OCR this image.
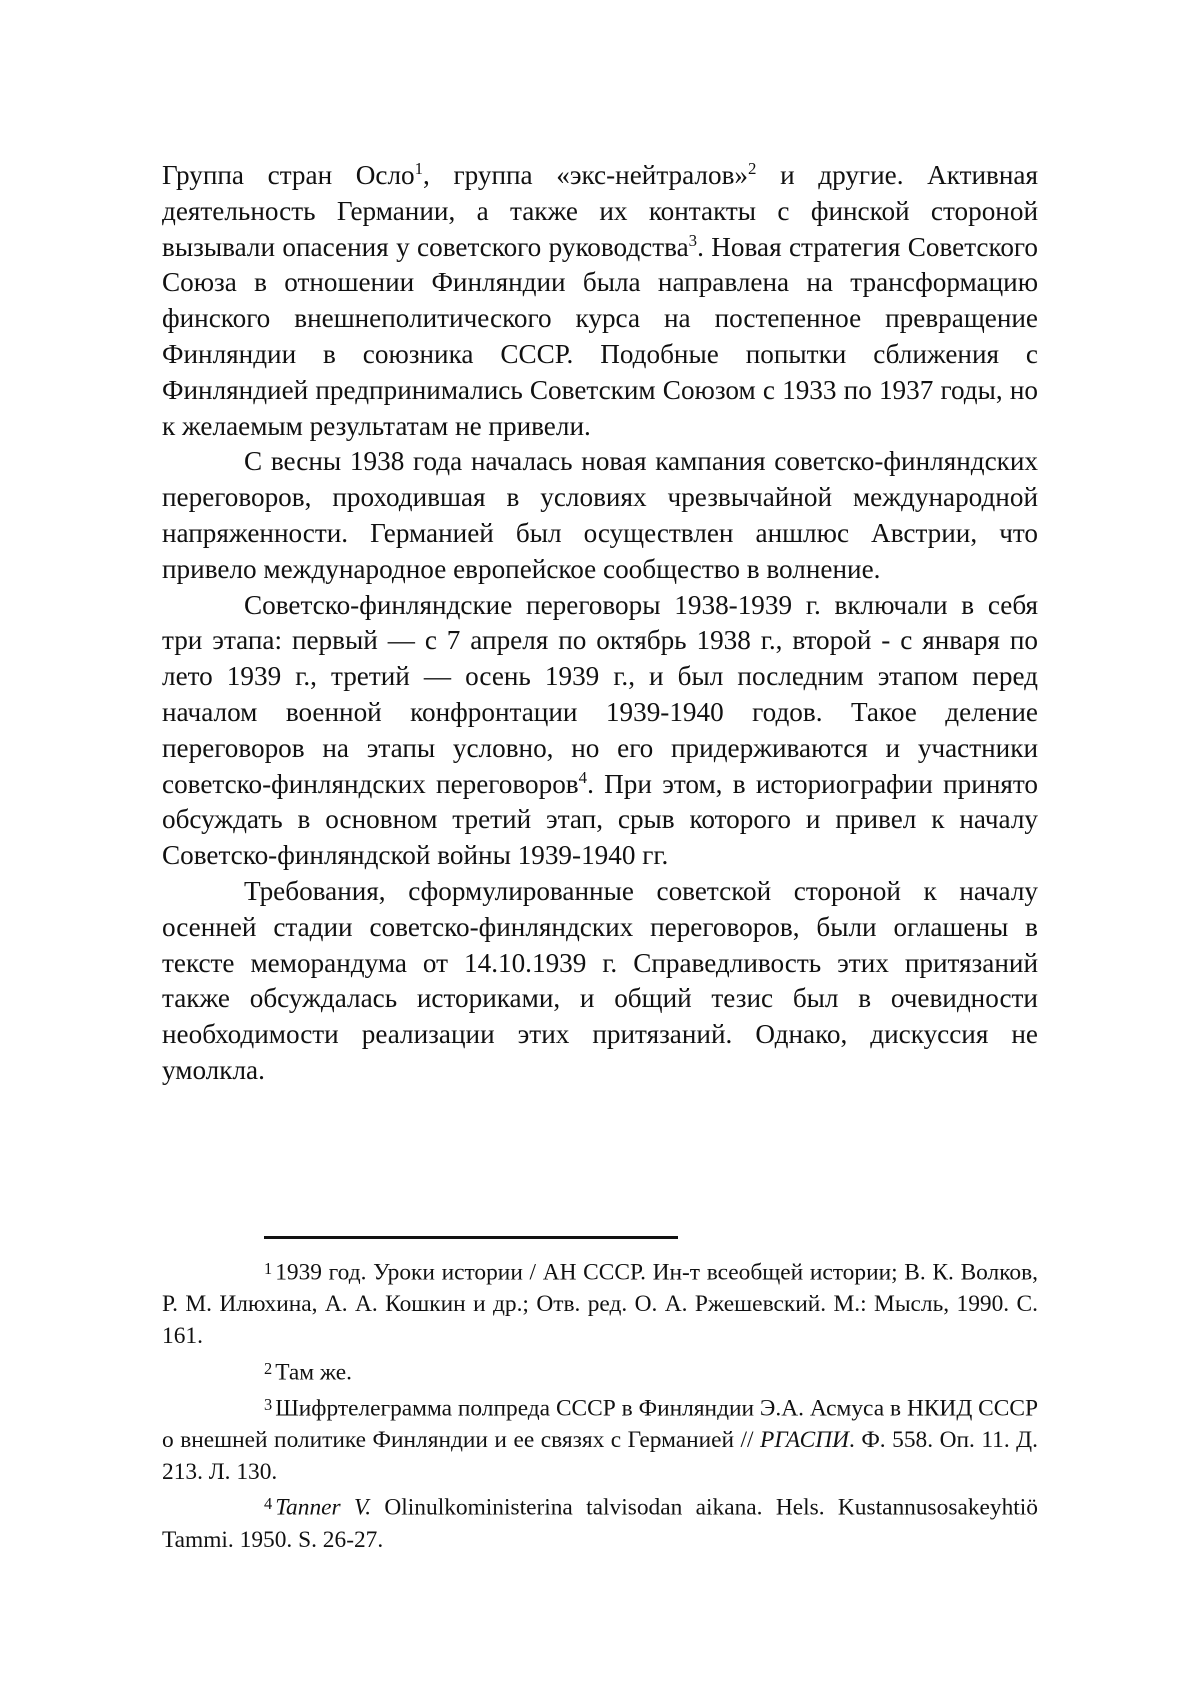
Группа стран Осло$^1$, группа «экс-нейтралов»$^2$ и другие. Активная деятельность Германии, а также их контакты с финской стороной вызывали опасения у советского руководства$^3$. Новая стратегия Советского Союза в отношении Финляндии была направлена на трансформацию финского внешнеполитического курса на постепенное превращение Финляндии в союзника СССР. Подобные попытки сближения с Финляндией предпринимались Советским Союзом с 1933 по 1937 годы, но к желаемым результатам не привели.

С весны 1938 года началась новая кампания советско-финляндских переговоров, проходившая в условиях чрезвычайной международной напряженности. Германией был осуществлен аншлюс Австрии, что привело международное европейское сообщество в волнение.

Советско-финляндские переговоры 1938-1939 г. включали в себя три этапа: первый — с 7 апреля по октябрь 1938 г., второй - с января по лето 1939 г., третий — осень 1939 г., и был последним этапом перед началом военной конфронтации 1939-1940 годов. Такое деление переговоров на этапы условно, но его придерживаются и участники советско-финляндских переговоров$^4$. При этом, в историографии принято обсуждать в основном третий этап, срыв которого и привел к началу Советско-финляндской войны 1939-1940 гг.

Требования, сформулированные советской стороной к началу осенней стадии советско-финляндских переговоров, были оглашены в тексте меморандума от 14.10.1939 г. Справедливость этих притязаний также обсуждалась историками, и общий тезис был в очевидности необходимости реализации этих притязаний. Однако, дискуссия не умолкла.

$^1$ 1939 год. Уроки истории / АН СССР. Ин-т всеобщей истории; В. К. Волков, Р. М. Илюхина, А. А. Кошкин и др.; Отв. ред. О. А. Ржешевский. М.: Мысль, 1990. С. 161.

$^2$ Там же.

$^3$ Шифртелеграмма полпреда СССР в Финляндии Э.А. Асмуса в НКИД СССР о внешней политике Финляндии и ее связях с Германией // РГАСПИ. Ф. 558. Оп. 11. Д. 213. Л. 130.

$^4$ Tanner V. Olinulkoministerina talvisodan aikana. Hels. Kustannusosakeyhtiö Tammi. 1950. S. 26-27.
